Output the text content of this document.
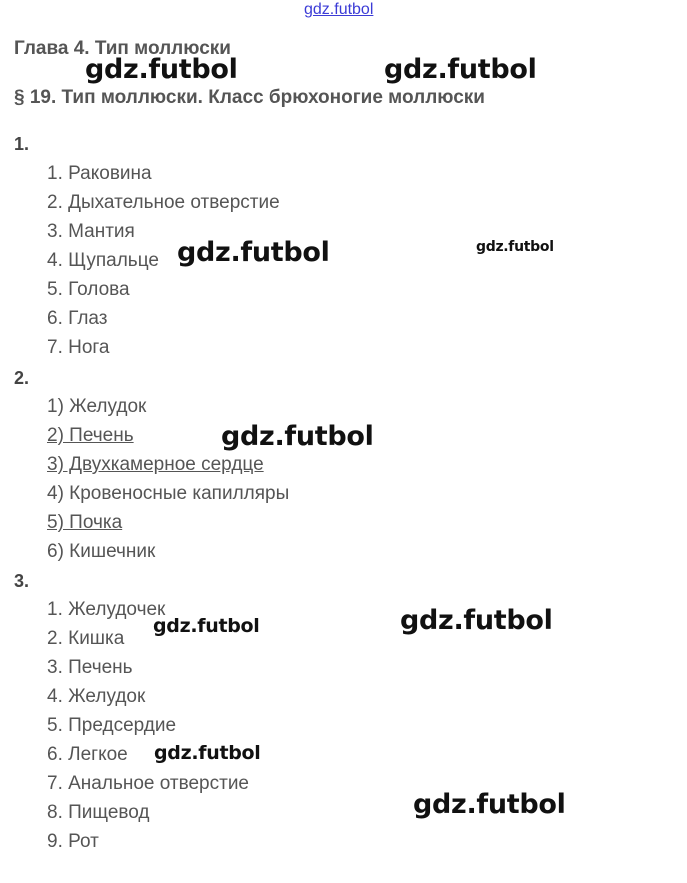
gdz.futbol
Глава 4. Тип моллюски
§ 19. Тип моллюски. Класс брюхоногие моллюски
1.
1. Раковина
2. Дыхательное отверстие
3. Мантия
4. Щупальце
5. Голова
6. Глаз
7. Нога
2.
1) Желудок
2) Печень
3) Двухкамерное сердце
4) Кровеносные капилляры
5) Почка
6) Кишечник
3.
1. Желудочек
2. Кишка
3. Печень
4. Желудок
5. Предсердие
6. Легкое
7. Анальное отверстие
8. Пищевод
9. Рот
gdz.futbol	gdz.futbol
gdz.futbol	gdz.futbol
gdz.futbol
gdz.futbol	gdz.futbol
gdz.futbol
gdz.futbol
